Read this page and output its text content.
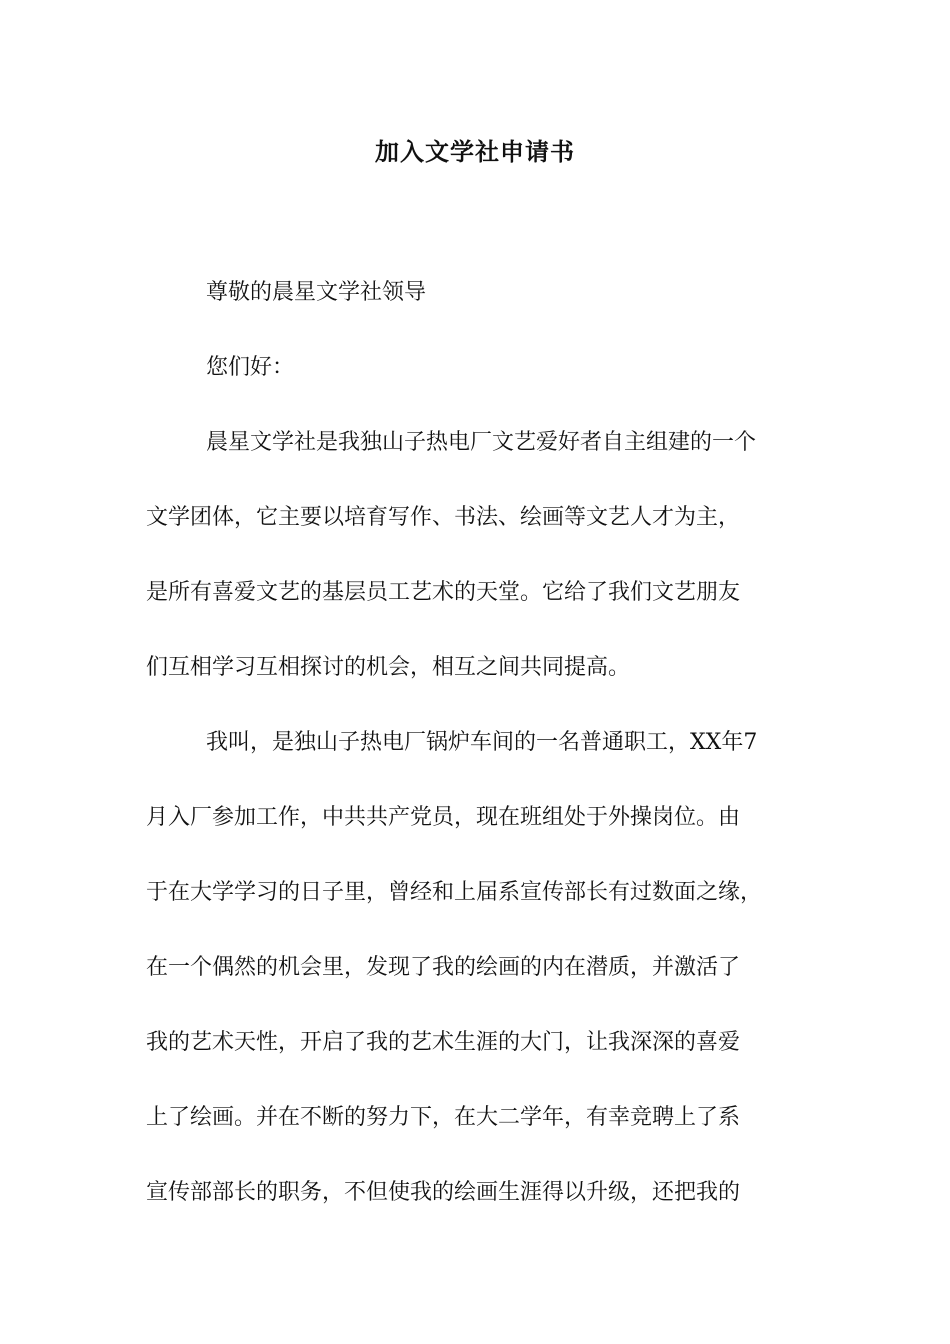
加入文学社申请书
尊敬的晨星文学社领导
您们好：
晨星文学社是我独山子热电厂文艺爱好者自主组建的一个
文学团体，它主要以培育写作、书法、绘画等文艺人才为主，
是所有喜爱文艺的基层员工艺术的天堂。它给了我们文艺朋友
们互相学习互相探讨的机会，相互之间共同提高。
我叫，是独山子热电厂锅炉车间的一名普通职工，XX年7
月入厂参加工作，中共共产党员，现在班组处于外操岗位。由
于在大学学习的日子里，曾经和上届系宣传部长有过数面之缘，
在一个偶然的机会里，发现了我的绘画的内在潜质，并激活了
我的艺术天性，开启了我的艺术生涯的大门，让我深深的喜爱
上了绘画。并在不断的努力下，在大二学年，有幸竞聘上了系
宣传部部长的职务，不但使我的绘画生涯得以升级，还把我的
